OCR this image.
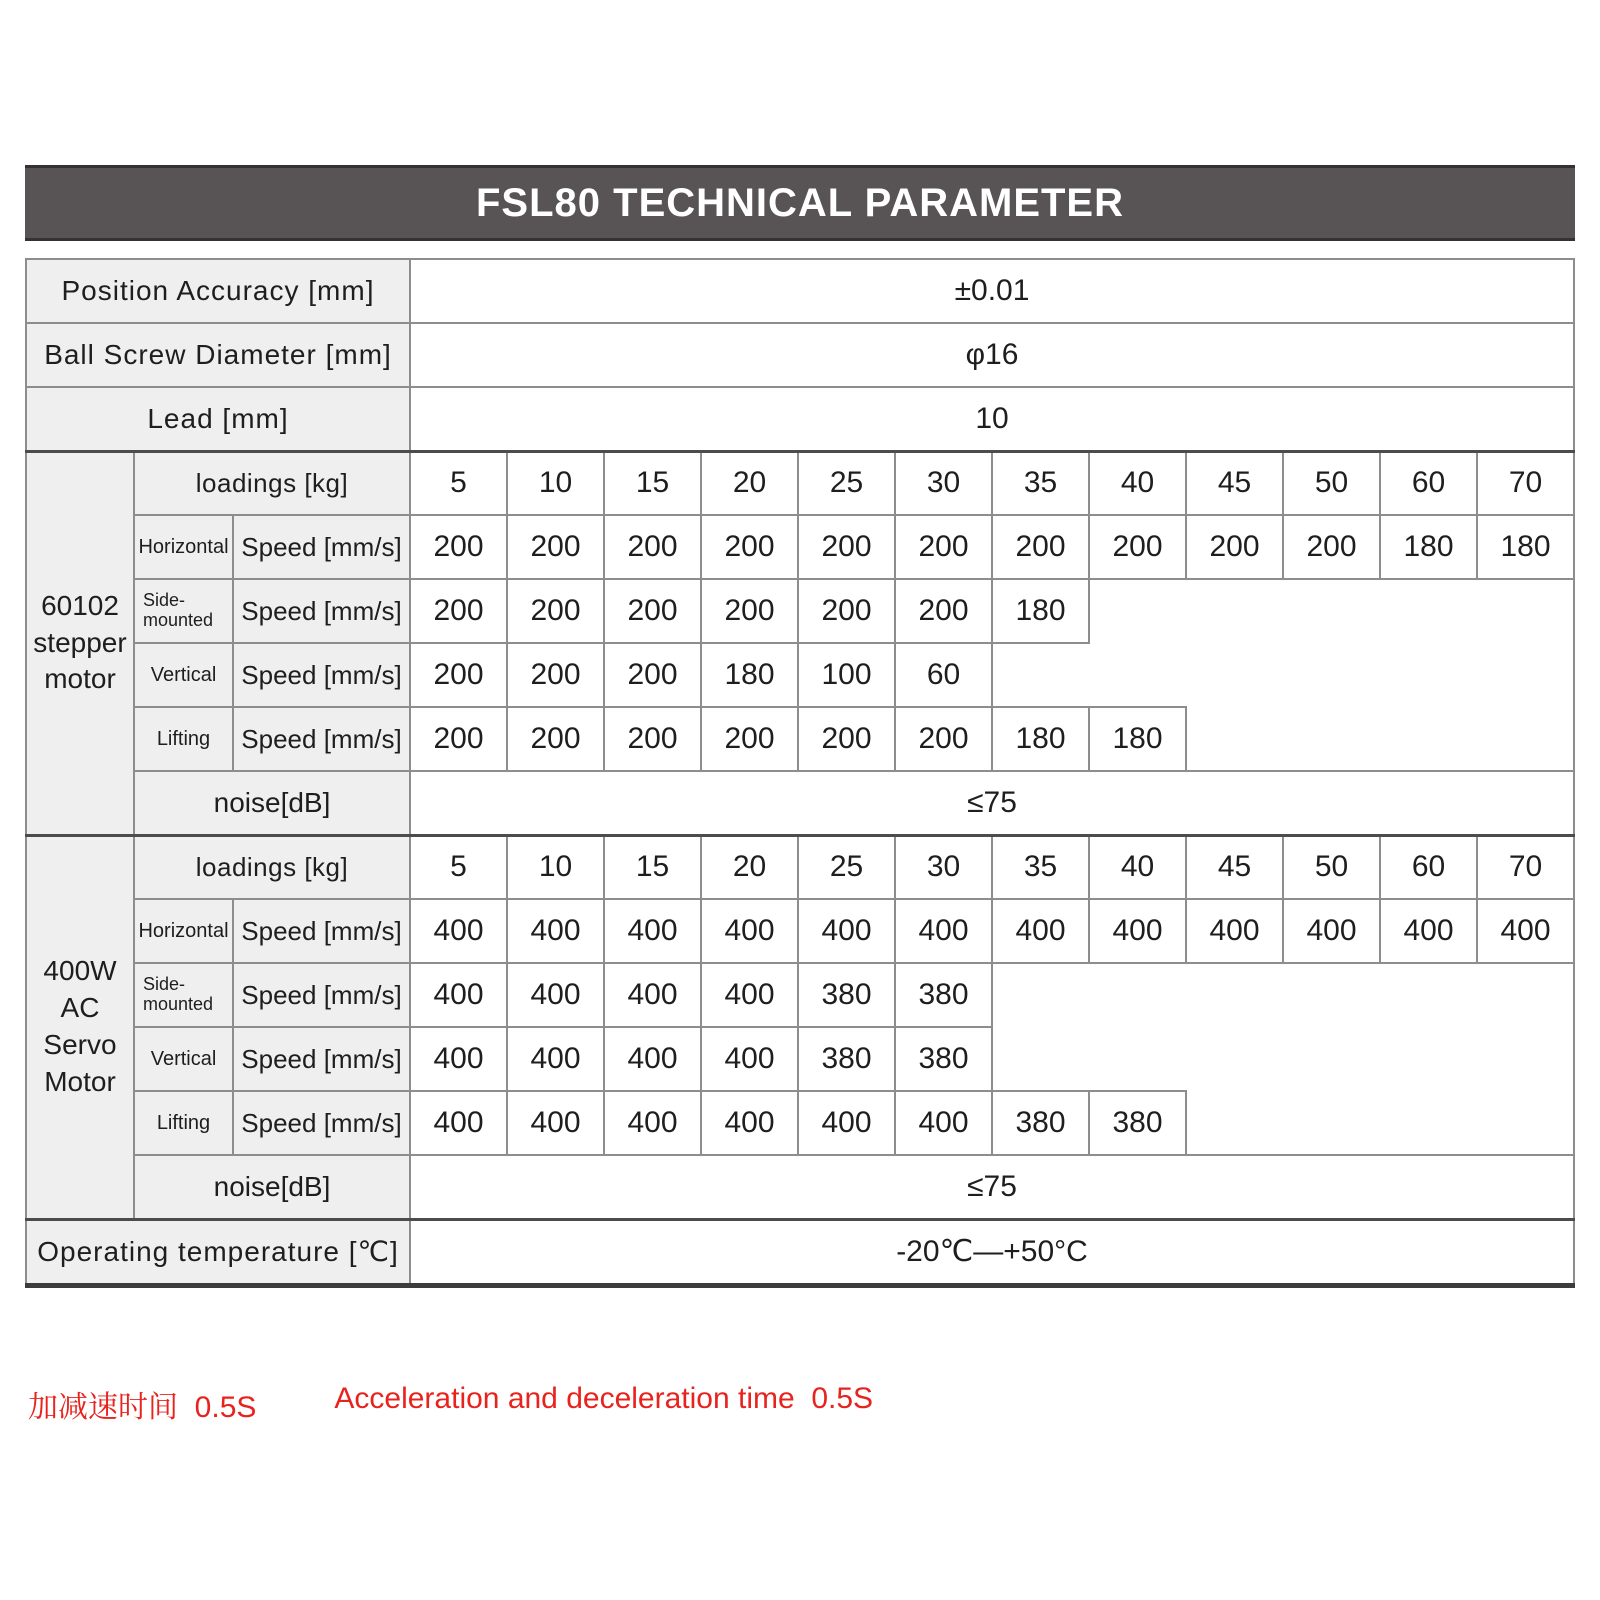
FSL80 TECHNICAL PARAMETER
Position Accuracy [mm]			±0.01											
Ball Screw Diameter [mm]			φ16											
Lead [mm]			10											

60102
stepper
motor	loadings [kg]		5	10	15	20	25	30	35	40	45	50	60	70
	Horizontal	Speed [mm/s]	200	200	200	200	200	200	200	200	200	200	180	180

	Side-
mounted	Speed [mm/s]	200	200	200	200	200	200	180					
	Vertical	Speed [mm/s]	200	200	200	180	100	60						
	Lifting	Speed [mm/s]	200	200	200	200	200	200	180	180				
	noise[dB]		≤75											

400W
AC
Servo
Motor	loadings [kg]		5	10	15	20	25	30	35	40	45	50	60	70
	Horizontal	Speed [mm/s]	400	400	400	400	400	400	400	400	400	400	400	400

	Side-
mounted	Speed [mm/s]	400	400	400	400	380	380						
	Vertical	Speed [mm/s]	400	400	400	400	380	380						
	Lifting	Speed [mm/s]	400	400	400	400	400	400	380	380				
	noise[dB]		≤75											
Operating temperature [℃]			-20℃—+50°C											
加减速时间  0.5S	Acceleration and deceleration time  0.5S
